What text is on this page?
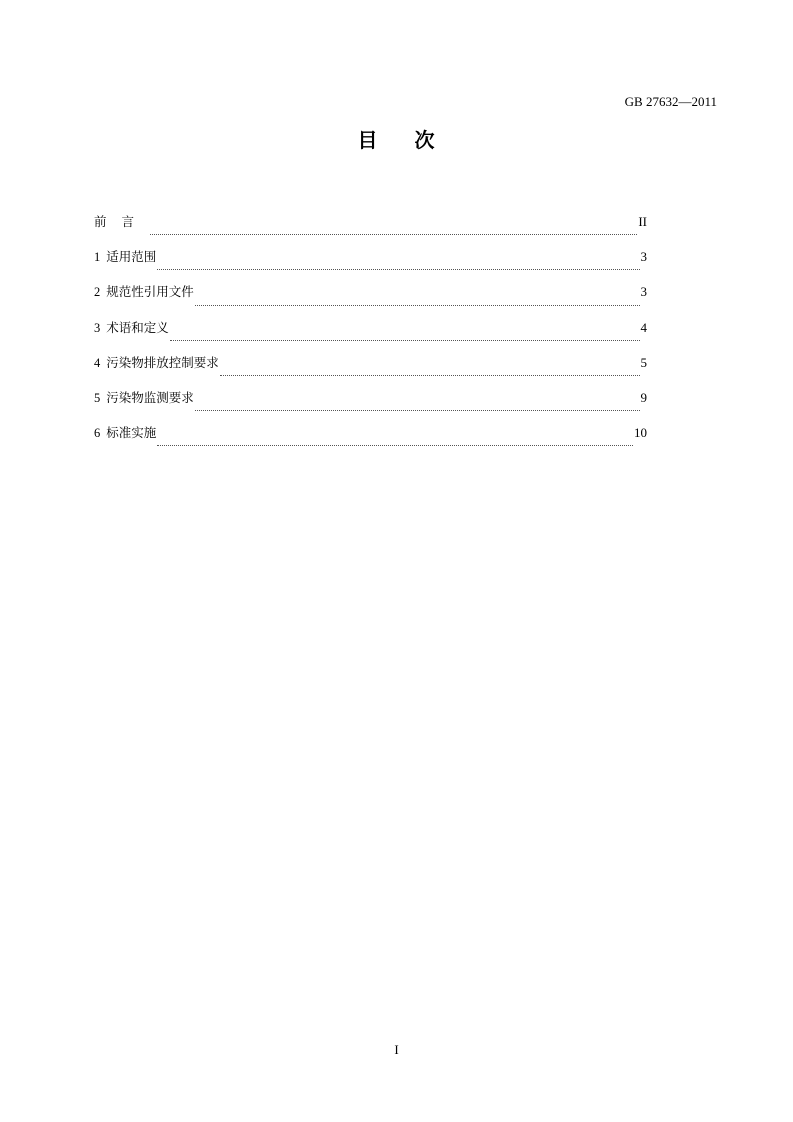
GB 27632—2011
目 次
前言	II
1 适用范围	3
2 规范性引用文件	3
3 术语和定义	4
4 污染物排放控制要求	5
5 污染物监测要求	9
6 标准实施	10
I
